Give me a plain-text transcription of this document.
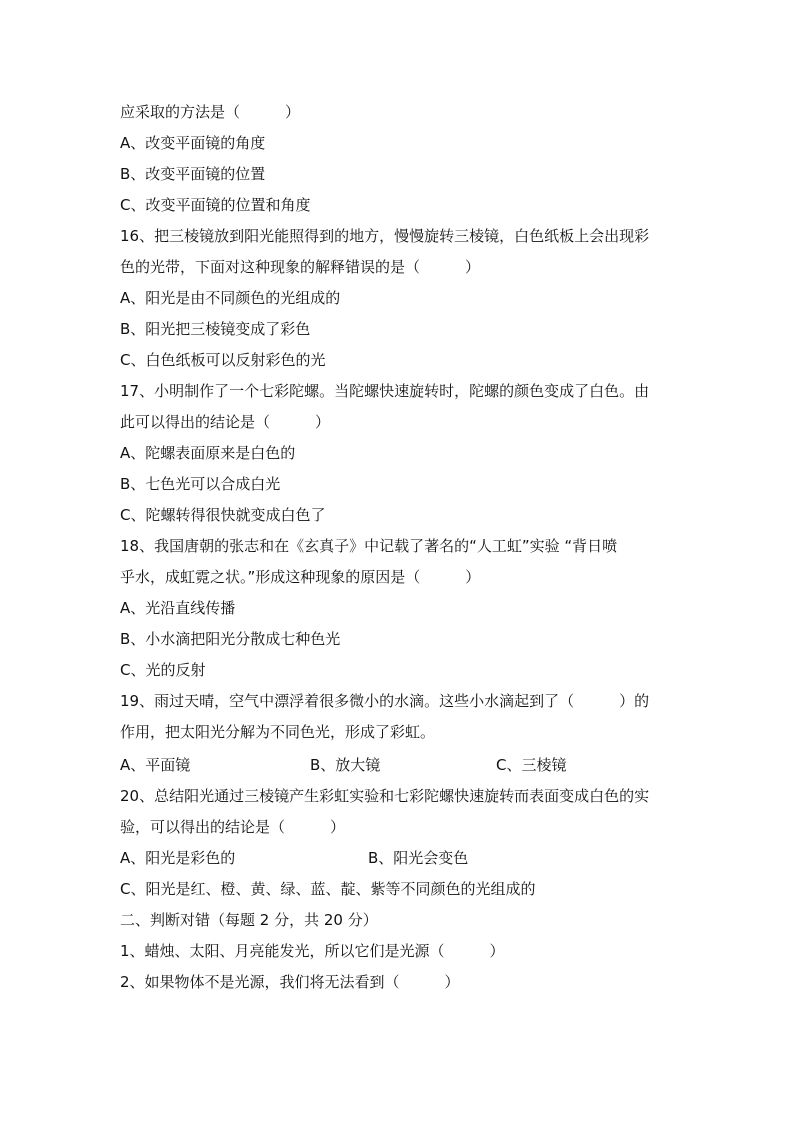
应采取的方法是（　　　）
A、改变平面镜的角度
B、改变平面镜的位置
C、改变平面镜的位置和角度
16、把三棱镜放到阳光能照得到的地方，慢慢旋转三棱镜，白色纸板上会出现彩
色的光带，下面对这种现象的解释错误的是（　　　）
A、阳光是由不同颜色的光组成的
B、阳光把三棱镜变成了彩色
C、白色纸板可以反射彩色的光
17、小明制作了一个七彩陀螺。当陀螺快速旋转时，陀螺的颜色变成了白色。由
此可以得出的结论是（　　　）
A、陀螺表面原来是白色的
B、七色光可以合成白光
C、陀螺转得很快就变成白色了
18、我国唐朝的张志和在《玄真子》中记载了著名的“人工虹”实验 “背日喷
乎水，成虹霓之状。”形成这种现象的原因是（　　　）
A、光沿直线传播
B、小水滴把阳光分散成七种色光
C、光的反射
19、雨过天晴，空气中漂浮着很多微小的水滴。这些小水滴起到了（　　　）的
作用，把太阳光分解为不同色光，形成了彩虹。
A、平面镜	B、放大镜	C、三棱镜
20、总结阳光通过三棱镜产生彩虹实验和七彩陀螺快速旋转而表面变成白色的实
验，可以得出的结论是（　　　）
A、阳光是彩色的	B、阳光会变色
C、阳光是红、橙、黄、绿、蓝、靛、紫等不同颜色的光组成的
二、判断对错（每题 2 分，共 20 分）
1、蜡烛、太阳、月亮能发光，所以它们是光源（　　　）
2、如果物体不是光源，我们将无法看到（　　　）
